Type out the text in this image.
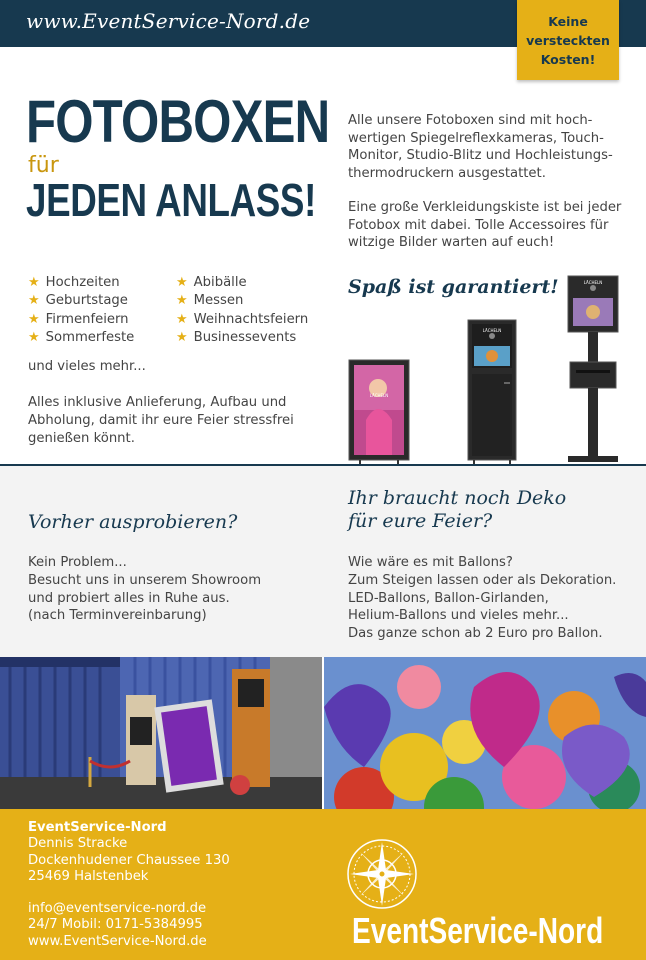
www.EventService-Nord.de	Keine
versteckten
Kosten!
FOTOBOXEN
für
JEDEN ANLASS!

Alle unsere Fotoboxen sind mit hoch-wertigen Spiegelreflexkameras, Touch-Monitor, Studio-Blitz und Hochleistungs-thermodruckern ausgestattet.

Eine große Verkleidungskiste ist bei jeder Fotobox mit dabei. Tolle Accessoires für witzige Bilder warten auf euch!

★ Hochzeiten
★ Geburtstage
★ Firmenfeiern
★ Sommerfeste
★ Abibälle
★ Messen
★ Weihnachtsfeiern
★ Businessevents
und vieles mehr...
Alles inklusive Anlieferung, Aufbau und Abholung, damit ihr eure Feier stressfrei genießen könnt.
Spaß ist garantiert!
LÄCHELN
LÄCHELN
LÄCHELN
Vorher ausprobieren?
Kein Problem...
Besucht uns in unserem Showroom
und probiert alles in Ruhe aus.
(nach Terminvereinbarung)
Ihr braucht noch Deko
für eure Feier?
Wie wäre es mit Ballons?
Zum Steigen lassen oder als Dekoration.
LED-Ballons, Ballon-Girlanden,
Helium-Ballons und vieles mehr...
Das ganze schon ab 2 Euro pro Ballon.
EventService-Nord
Dennis Stracke
Dockenhudener Chaussee 130
25469 Halstenbek
info@eventservice-nord.de
24/7 Mobil: 0171-5384995
www.EventService-Nord.de	EventService-Nord
